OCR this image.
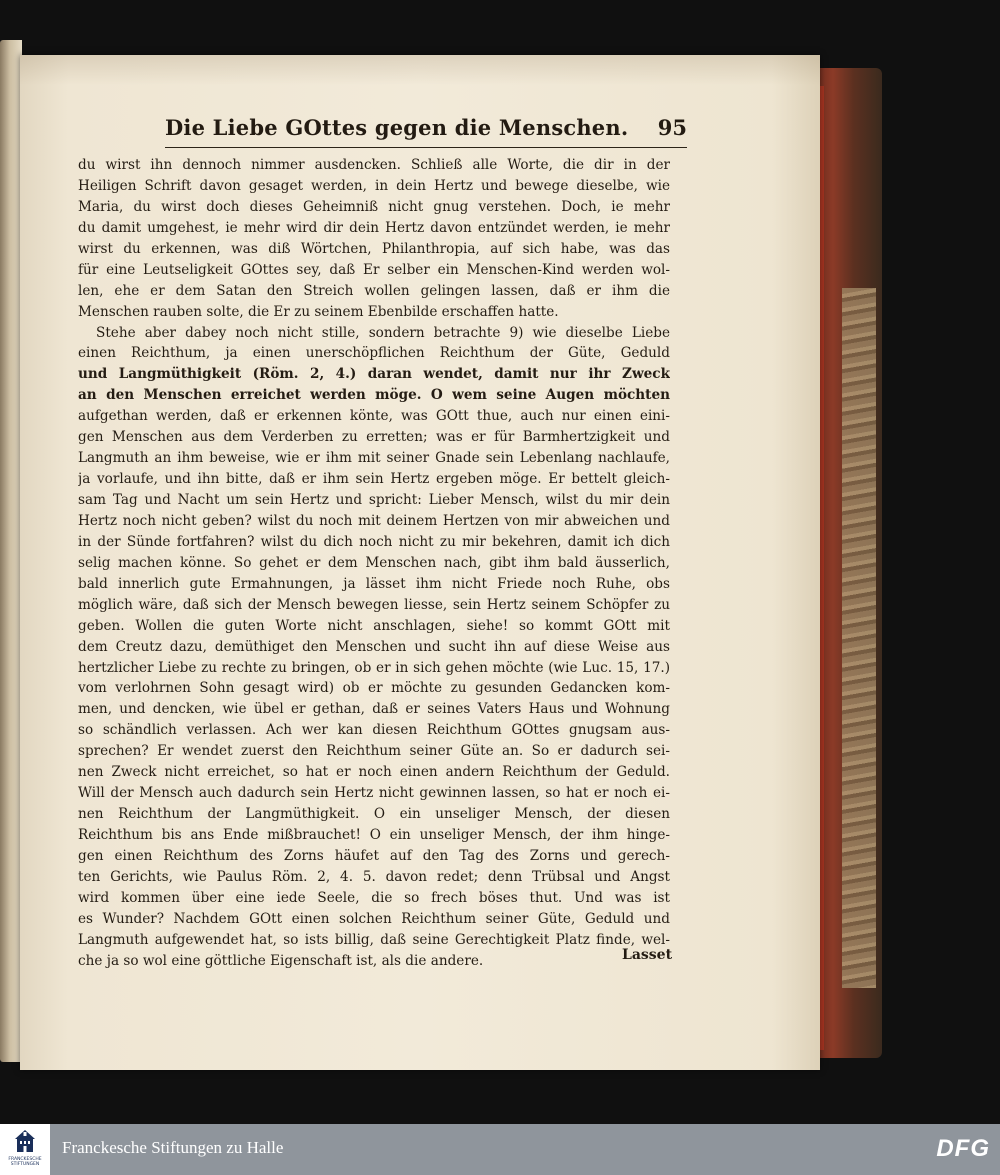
Die Liebe GOttes gegen die Menschen. 95
du wirst ihn dennoch nimmer ausdencken. Schließ alle Worte, die dir in der
Heiligen Schrift davon gesaget werden, in dein Hertz und bewege dieselbe, wie
Maria, du wirst doch dieses Geheimniß nicht gnug verstehen. Doch, ie mehr
du damit umgehest, ie mehr wird dir dein Hertz davon entzündet werden, ie mehr
wirst du erkennen, was diß Wörtchen, Philanthropia, auf sich habe, was das
für eine Leutseligkeit GOttes sey, daß Er selber ein Menschen-Kind werden wol-
len, ehe er dem Satan den Streich wollen gelingen lassen, daß er ihm die
Menschen rauben solte, die Er zu seinem Ebenbilde erschaffen hatte.
Stehe aber dabey noch nicht stille, sondern betrachte 9) wie dieselbe Liebe
einen Reichthum, ja einen unerschöpflichen Reichthum der Güte, Geduld
und Langmüthigkeit (Röm. 2, 4.) daran wendet, damit nur ihr Zweck
an den Menschen erreichet werden möge. O wem seine Augen möchten
aufgethan werden, daß er erkennen könte, was GOtt thue, auch nur einen eini-
gen Menschen aus dem Verderben zu erretten; was er für Barmhertzigkeit und
Langmuth an ihm beweise, wie er ihm mit seiner Gnade sein Lebenlang nachlaufe,
ja vorlaufe, und ihn bitte, daß er ihm sein Hertz ergeben möge. Er bettelt gleich-
sam Tag und Nacht um sein Hertz und spricht: Lieber Mensch, wilst du mir dein
Hertz noch nicht geben? wilst du noch mit deinem Hertzen von mir abweichen und
in der Sünde fortfahren? wilst du dich noch nicht zu mir bekehren, damit ich dich
selig machen könne. So gehet er dem Menschen nach, gibt ihm bald äusserlich,
bald innerlich gute Ermahnungen, ja lässet ihm nicht Friede noch Ruhe, obs
möglich wäre, daß sich der Mensch bewegen liesse, sein Hertz seinem Schöpfer zu
geben. Wollen die guten Worte nicht anschlagen, siehe! so kommt GOtt mit
dem Creutz dazu, demüthiget den Menschen und sucht ihn auf diese Weise aus
hertzlicher Liebe zu rechte zu bringen, ob er in sich gehen möchte (wie Luc. 15, 17.)
vom verlohrnen Sohn gesagt wird) ob er möchte zu gesunden Gedancken kom-
men, und dencken, wie übel er gethan, daß er seines Vaters Haus und Wohnung
so schändlich verlassen. Ach wer kan diesen Reichthum GOttes gnugsam aus-
sprechen? Er wendet zuerst den Reichthum seiner Güte an. So er dadurch sei-
nen Zweck nicht erreichet, so hat er noch einen andern Reichthum der Geduld.
Will der Mensch auch dadurch sein Hertz nicht gewinnen lassen, so hat er noch ei-
nen Reichthum der Langmüthigkeit. O ein unseliger Mensch, der diesen
Reichthum bis ans Ende mißbrauchet! O ein unseliger Mensch, der ihm hinge-
gen einen Reichthum des Zorns häufet auf den Tag des Zorns und gerech-
ten Gerichts, wie Paulus Röm. 2, 4. 5. davon redet; denn Trübsal und Angst
wird kommen über eine iede Seele, die so frech böses thut. Und was ist
es Wunder? Nachdem GOtt einen solchen Reichthum seiner Güte, Geduld und
Langmuth aufgewendet hat, so ists billig, daß seine Gerechtigkeit Platz finde, wel-
che ja so wol eine göttliche Eigenschaft ist, als die andere.	Lasset
FRANCKESCHE
STIFTUNGEN
Franckesche Stiftungen zu Halle	DFG
